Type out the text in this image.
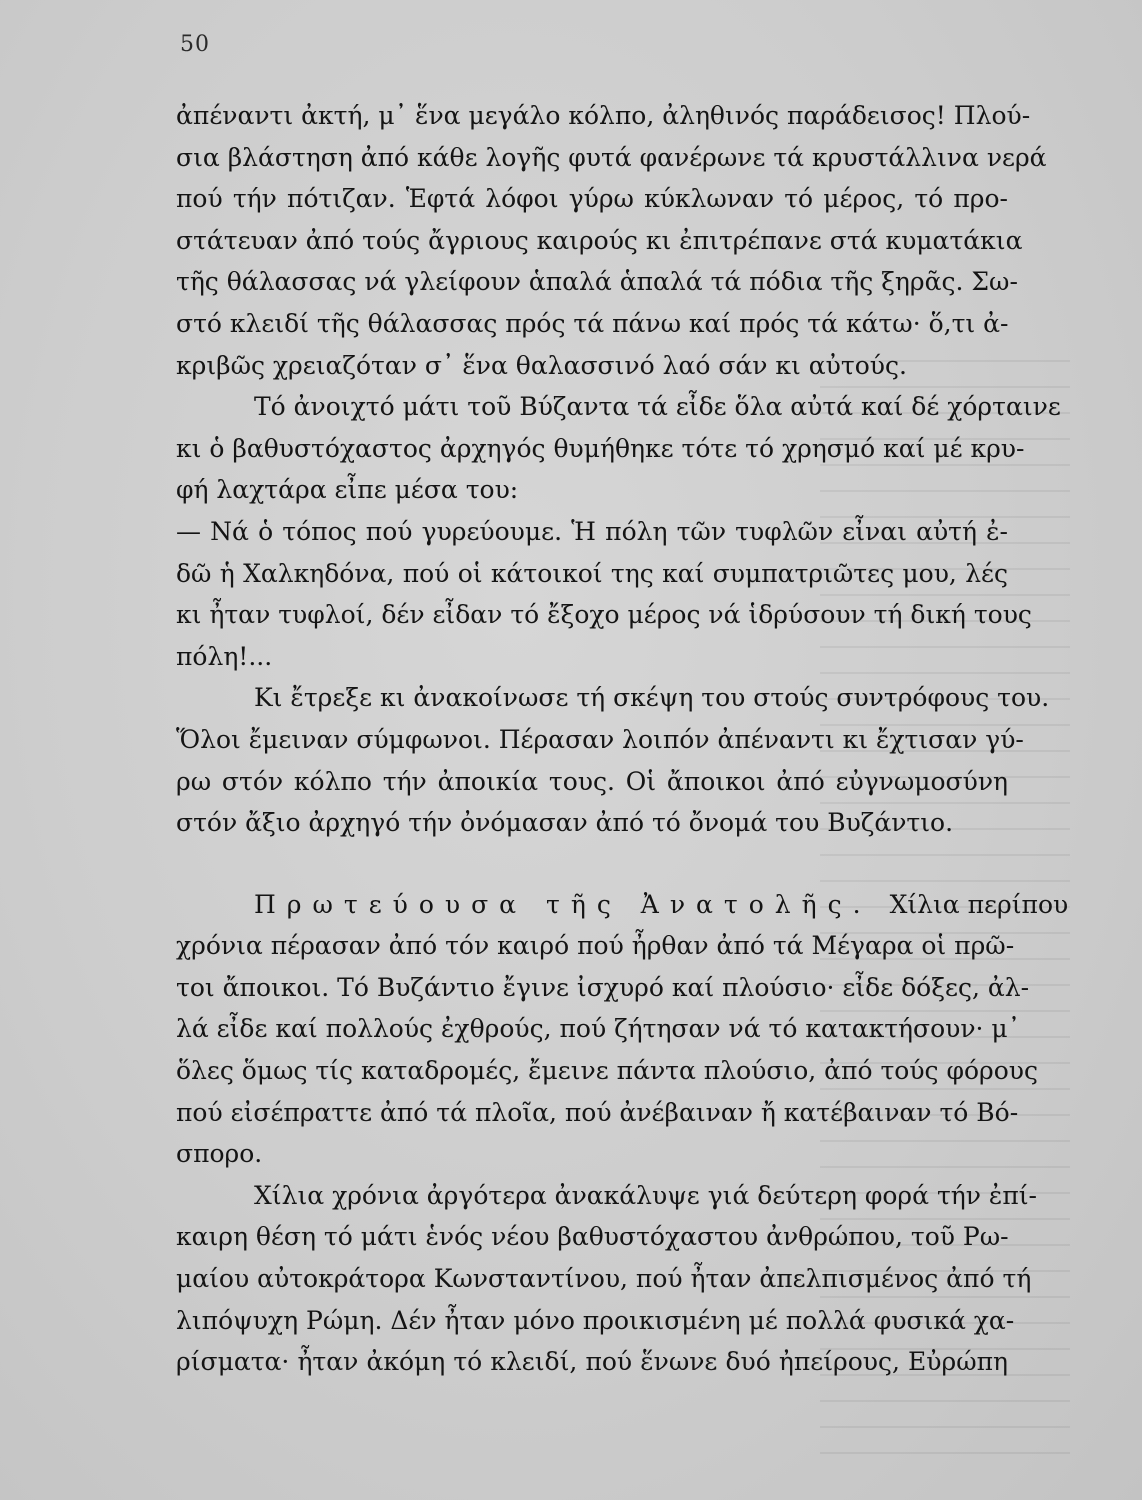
50
ἀπέναντι ἀκτή, μ᾽ ἕνα μεγάλο κόλπο, ἀληθινός παράδεισος! Πλού-
σια βλάστηση ἀπό κάθε λογῆς φυτά φανέρωνε τά κρυστάλλινα νερά
πού τήν πότιζαν. Ἑφτά λόφοι γύρω κύκλωναν τό μέρος, τό προ-
στάτευαν ἀπό τούς ἄγριους καιρούς κι ἐπιτρέπανε στά κυματάκια
τῆς θάλασσας νά γλείφουν ἁπαλά ἁπαλά τά πόδια τῆς ξηρᾶς. Σω-
στό κλειδί τῆς θάλασσας πρός τά πάνω καί πρός τά κάτω· ὅ,τι ἀ-
κριβῶς χρειαζόταν σ᾽ ἕνα θαλασσινό λαό σάν κι αὐτούς.
Τό ἀνοιχτό μάτι τοῦ Βύζαντα τά εἶδε ὅλα αὐτά καί δέ χόρταινε
κι ὁ βαθυστόχαστος ἀρχηγός θυμήθηκε τότε τό χρησμό καί μέ κρυ-
φή λαχτάρα εἶπε μέσα του:
— Νά ὁ τόπος πού γυρεύουμε. Ἡ πόλη τῶν τυφλῶν εἶναι αὐτή ἐ-
δῶ ἡ Χαλκηδόνα, πού οἱ κάτοικοί της καί συμπατριῶτες μου, λές
κι ἦταν τυφλοί, δέν εἶδαν τό ἔξοχο μέρος νά ἱδρύσουν τή δική τους
πόλη!...
Κι ἔτρεξε κι ἀνακοίνωσε τή σκέψη του στούς συντρόφους του.
Ὅλοι ἔμειναν σύμφωνοι. Πέρασαν λοιπόν ἀπέναντι κι ἔχτισαν γύ-
ρω στόν κόλπο τήν ἀποικία τους. Οἱ ἄποικοι ἀπό εὐγνωμοσύνη
στόν ἄξιο ἀρχηγό τήν ὀνόμασαν ἀπό τό ὄνομά του Βυζάντιο.
Πρωτεύουσα τῆς Ἀνατολῆς. Χίλια περίπου
χρόνια πέρασαν ἀπό τόν καιρό πού ἦρθαν ἀπό τά Μέγαρα οἱ πρῶ-
τοι ἄποικοι. Τό Βυζάντιο ἔγινε ἰσχυρό καί πλούσιο· εἶδε δόξες, ἀλ-
λά εἶδε καί πολλούς ἐχθρούς, πού ζήτησαν νά τό κατακτήσουν· μ᾽
ὅλες ὅμως τίς καταδρομές, ἔμεινε πάντα πλούσιο, ἀπό τούς φόρους
πού εἰσέπραττε ἀπό τά πλοῖα, πού ἀνέβαιναν ἤ κατέβαιναν τό Βό-
σπορο.
Χίλια χρόνια ἀργότερα ἀνακάλυψε γιά δεύτερη φορά τήν ἐπί-
καιρη θέση τό μάτι ἑνός νέου βαθυστόχαστου ἀνθρώπου, τοῦ Ρω-
μαίου αὐτοκράτορα Κωνσταντίνου, πού ἦταν ἀπελπισμένος ἀπό τή
λιπόψυχη Ρώμη. Δέν ἦταν μόνο προικισμένη μέ πολλά φυσικά χα-
ρίσματα· ἦταν ἀκόμη τό κλειδί, πού ἕνωνε δυό ἠπείρους, Εὐρώπη
